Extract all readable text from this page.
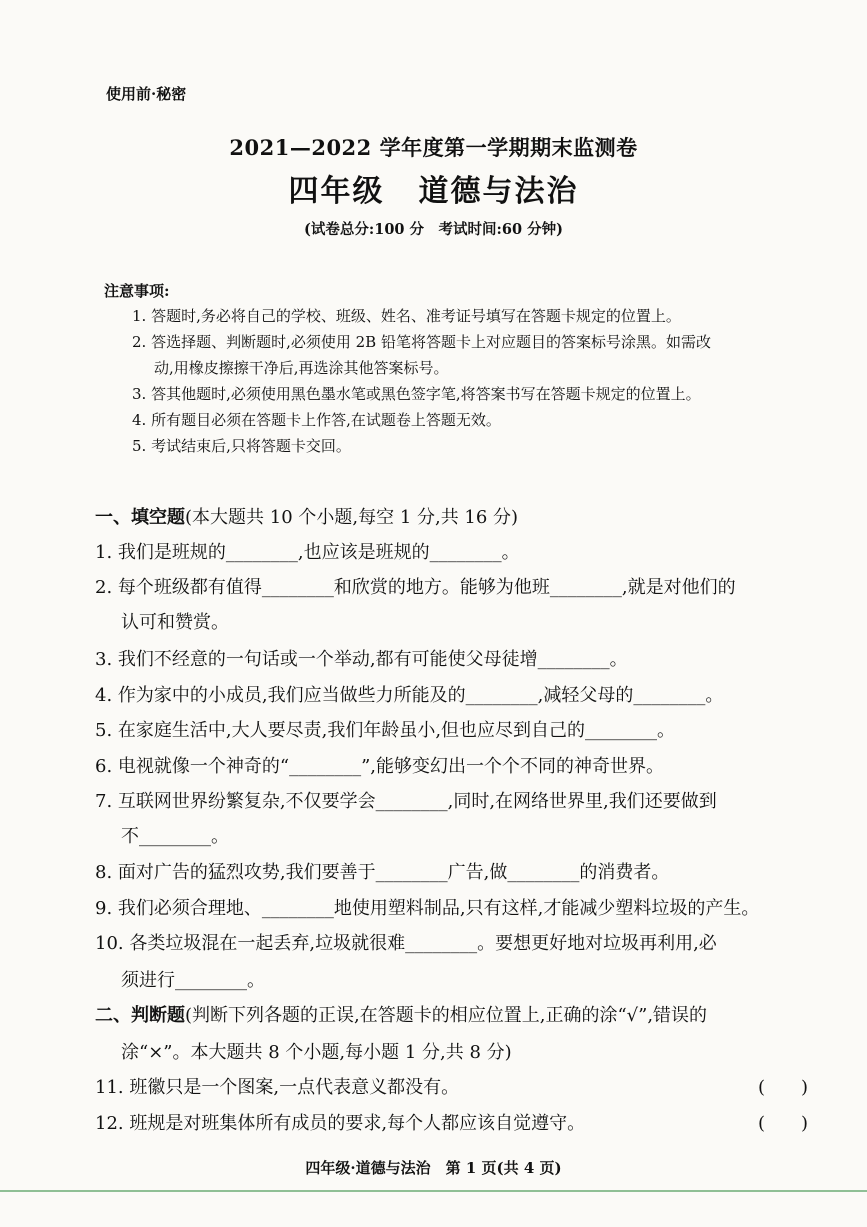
使用前·秘密
2021—2022 学年度第一学期期末监测卷
四年级 道德与法治
(试卷总分:100 分　考试时间:60 分钟)
注意事项:
1. 答题时,务必将自己的学校、班级、姓名、准考证号填写在答题卡规定的位置上。
2. 答选择题、判断题时,必须使用 2B 铅笔将答题卡上对应题目的答案标号涂黑。如需改
动,用橡皮擦擦干净后,再选涂其他答案标号。
3. 答其他题时,必须使用黑色墨水笔或黑色签字笔,将答案书写在答题卡规定的位置上。
4. 所有题目必须在答题卡上作答,在试题卷上答题无效。
5. 考试结束后,只将答题卡交回。
一、填空题(本大题共 10 个小题,每空 1 分,共 16 分)
1. 我们是班规的________,也应该是班规的________。
2. 每个班级都有值得________和欣赏的地方。能够为他班________,就是对他们的
认可和赞赏。
3. 我们不经意的一句话或一个举动,都有可能使父母徒增________。
4. 作为家中的小成员,我们应当做些力所能及的________,减轻父母的________。
5. 在家庭生活中,大人要尽责,我们年龄虽小,但也应尽到自己的________。
6. 电视就像一个神奇的“________”,能够变幻出一个个不同的神奇世界。
7. 互联网世界纷繁复杂,不仅要学会________,同时,在网络世界里,我们还要做到
不________。
8. 面对广告的猛烈攻势,我们要善于________广告,做________的消费者。
9. 我们必须合理地、________地使用塑料制品,只有这样,才能减少塑料垃圾的产生。
10. 各类垃圾混在一起丢弃,垃圾就很难________。要想更好地对垃圾再利用,必
须进行________。
二、判断题(判断下列各题的正误,在答题卡的相应位置上,正确的涂“√”,错误的
涂“×”。本大题共 8 个小题,每小题 1 分,共 8 分)
11. 班徽只是一个图案,一点代表意义都没有。	(　　)
12. 班规是对班集体所有成员的要求,每个人都应该自觉遵守。	(　　)
四年级·道德与法治　第 1 页(共 4 页)
